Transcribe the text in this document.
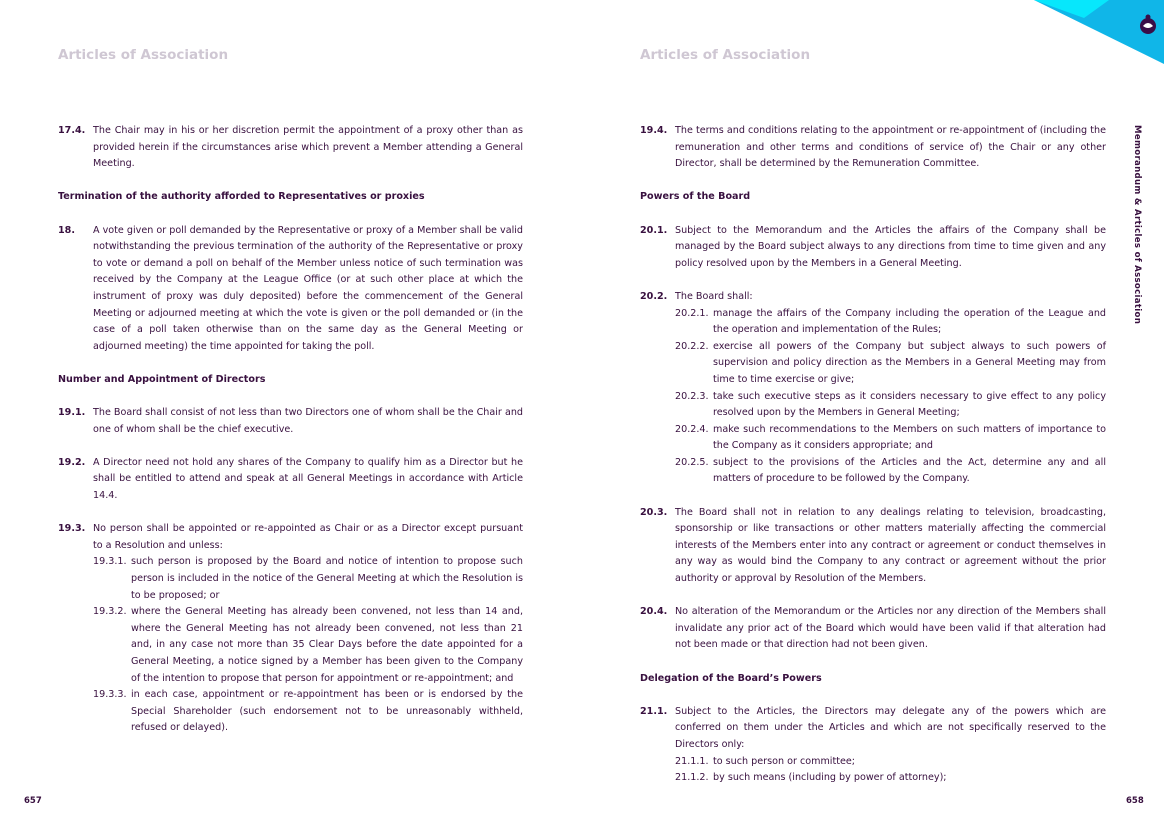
Articles of Association	Articles of Association
17.4. The Chair may in his or her discretion permit the appointment of a proxy other than as provided herein if the circumstances arise which prevent a Member attending a General Meeting.
Termination of the authority afforded to Representatives or proxies
18.	A vote given or poll demanded by the Representative or proxy of a Member shall be valid notwithstanding the previous termination of the authority of the Representative or proxy to vote or demand a poll on behalf of the Member unless notice of such termination was received by the Company at the League Office (or at such other place at which the instrument of proxy was duly deposited) before the commencement of the General Meeting or adjourned meeting at which the vote is given or the poll demanded or (in the case of a poll taken otherwise than on the same day as the General Meeting or adjourned meeting) the time appointed for taking the poll.
Number and Appointment of Directors
19.1. The Board shall consist of not less than two Directors one of whom shall be the Chair and one of whom shall be the chief executive.
19.2. A Director need not hold any shares of the Company to qualify him as a Director but he shall be entitled to attend and speak at all General Meetings in accordance with Article 14.4.
19.3. No person shall be appointed or re-appointed as Chair or as a Director except pursuant to a Resolution and unless:
19.3.1. such person is proposed by the Board and notice of intention to propose such person is included in the notice of the General Meeting at which the Resolution is to be proposed; or
19.3.2. where the General Meeting has already been convened, not less than 14 and, where the General Meeting has not already been convened, not less than 21 and, in any case not more than 35 Clear Days before the date appointed for a General Meeting, a notice signed by a Member has been given to the Company of the intention to propose that person for appointment or re-appointment; and
19.3.3. in each case, appointment or re-appointment has been or is endorsed by the Special Shareholder (such endorsement not to be unreasonably withheld, refused or delayed).
19.4. The terms and conditions relating to the appointment or re-appointment of (including the remuneration and other terms and conditions of service of) the Chair or any other Director, shall be determined by the Remuneration Committee.
Powers of the Board
20.1. Subject to the Memorandum and the Articles the affairs of the Company shall be managed by the Board subject always to any directions from time to time given and any policy resolved upon by the Members in a General Meeting.
20.2. The Board shall:
20.2.1. manage the affairs of the Company including the operation of the League and the operation and implementation of the Rules;
20.2.2. exercise all powers of the Company but subject always to such powers of supervision and policy direction as the Members in a General Meeting may from time to time exercise or give;
20.2.3. take such executive steps as it considers necessary to give effect to any policy resolved upon by the Members in General Meeting;
20.2.4. make such recommendations to the Members on such matters of importance to the Company as it considers appropriate; and
20.2.5. subject to the provisions of the Articles and the Act, determine any and all matters of procedure to be followed by the Company.
20.3. The Board shall not in relation to any dealings relating to television, broadcasting, sponsorship or like transactions or other matters materially affecting the commercial interests of the Members enter into any contract or agreement or conduct themselves in any way as would bind the Company to any contract or agreement without the prior authority or approval by Resolution of the Members.
20.4. No alteration of the Memorandum or the Articles nor any direction of the Members shall invalidate any prior act of the Board which would have been valid if that alteration had not been made or that direction had not been given.
Delegation of the Board’s Powers
21.1. Subject to the Articles, the Directors may delegate any of the powers which are conferred on them under the Articles and which are not specifically reserved to the Directors only:
21.1.1. to such person or committee;
21.1.2. by such means (including by power of attorney);
Memorandum & Articles of Association
657	658
